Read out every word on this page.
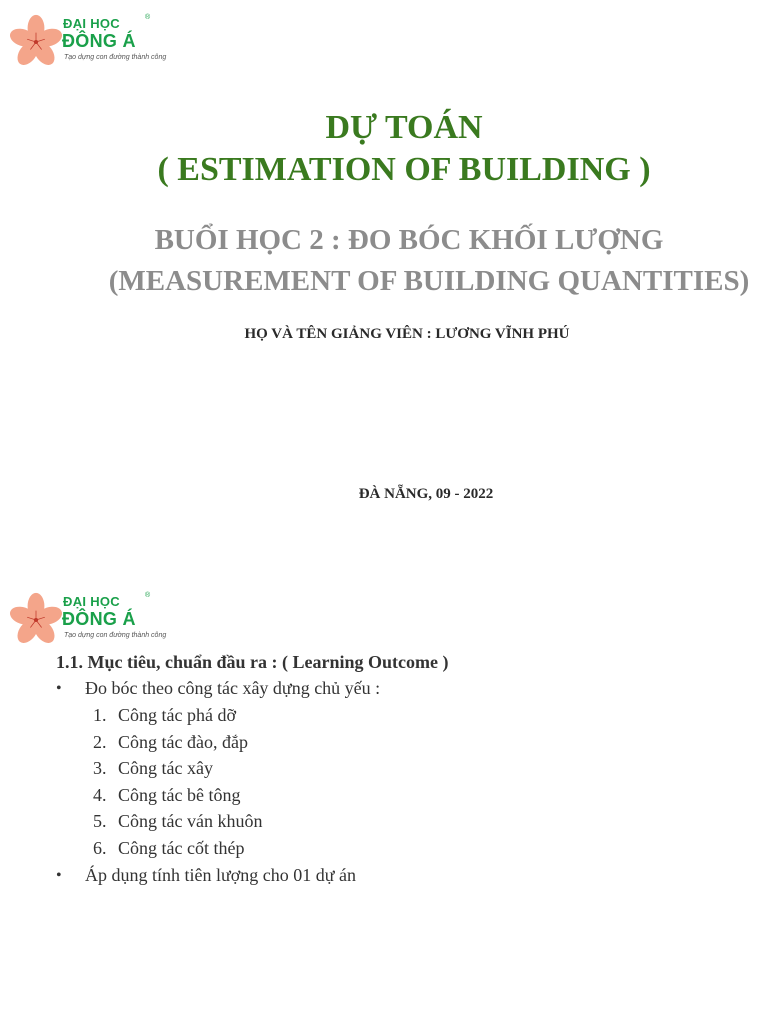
ĐẠI HỌC
ĐÔNG Á
®
Tạo dựng con đường thành công
DỰ TOÁN
( ESTIMATION OF BUILDING )
BUỔI HỌC 2 : ĐO BÓC KHỐI LƯỢNG
(MEASUREMENT OF BUILDING QUANTITIES)
HỌ VÀ TÊN GIẢNG VIÊN : LƯƠNG VĨNH PHÚ
ĐÀ NẴNG, 09 - 2022
ĐẠI HỌC
ĐÔNG Á
®
Tạo dựng con đường thành công

1.1. Mục tiêu, chuẩn đầu ra : ( Learning Outcome )

• Đo bóc theo công tác xây dựng chủ yếu :

1. Công tác phá dỡ
2. Công tác đào, đắp
3. Công tác xây
4. Công tác bê tông
5. Công tác ván khuôn
6. Công tác cốt thép

• Áp dụng tính tiên lượng cho 01 dự án
